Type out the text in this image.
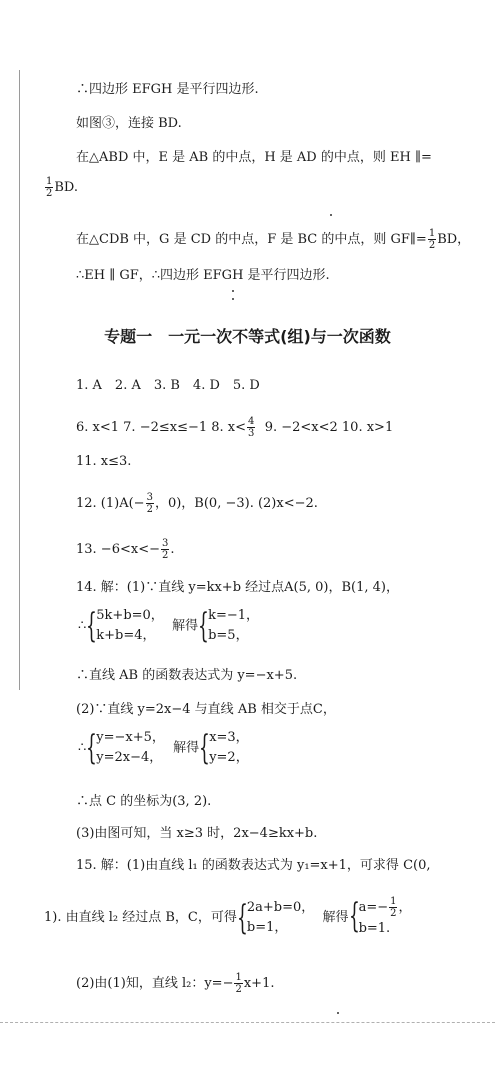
∴四边形 EFGH 是平行四边形.
如图③，连接 BD.
在△ABD 中，E 是 AB 的中点，H 是 AD 的中点，则 EH ∥=
$\frac{1}{2}$ BD.
在△CDB 中，G 是 CD 的中点，F 是 BC 的中点，则 GF∥= $\frac{1}{2}$ BD，
∴EH ∥ GF，∴四边形 EFGH 是平行四边形.
专题一　一元一次不等式(组)与一次函数
1. A　2. A　3. B　4. D　5. D
6. x<1 7. −2≤x≤−1 8. $x< \frac{4}{3} 9$. −2<x<2 10. x>1
11. x≤3.
12. $(1)A(- \frac{3}{2}$ ，0)，B(0, −3). (2)x<−2.
13. $-6<x<- \frac{3}{2}$ .
14. 解：(1)∵直线 y=kx+b 经过点A(5, 0)，B(1, 4)，
∴ { 5k+b=0，
k+b=4，
解得 { k=−1，
b=5，
∴直线 AB 的函数表达式为 y=−x+5.
(2)∵直线 y=2x−4 与直线 AB 相交于点C，
∴ { y=−x+5，
y=2x−4，
解得 { x=3，
y=2，
∴点 C 的坐标为(3, 2).
(3)由图可知，当 x≥3 时，2x−4≥kx+b.
15. 解：(1)由直线 l₁ 的函数表达式为 y₁=x+1，可求得 C(0,
1). 由直线 l₂ 经过点 B，C，可得 { 2a+b=0，
b=1，
解得 { $a=- \frac{1}{2}$ ，
b=1.
(2)由(1)知，直线 l₂：$y=- \frac{1}{2} x+1$.
